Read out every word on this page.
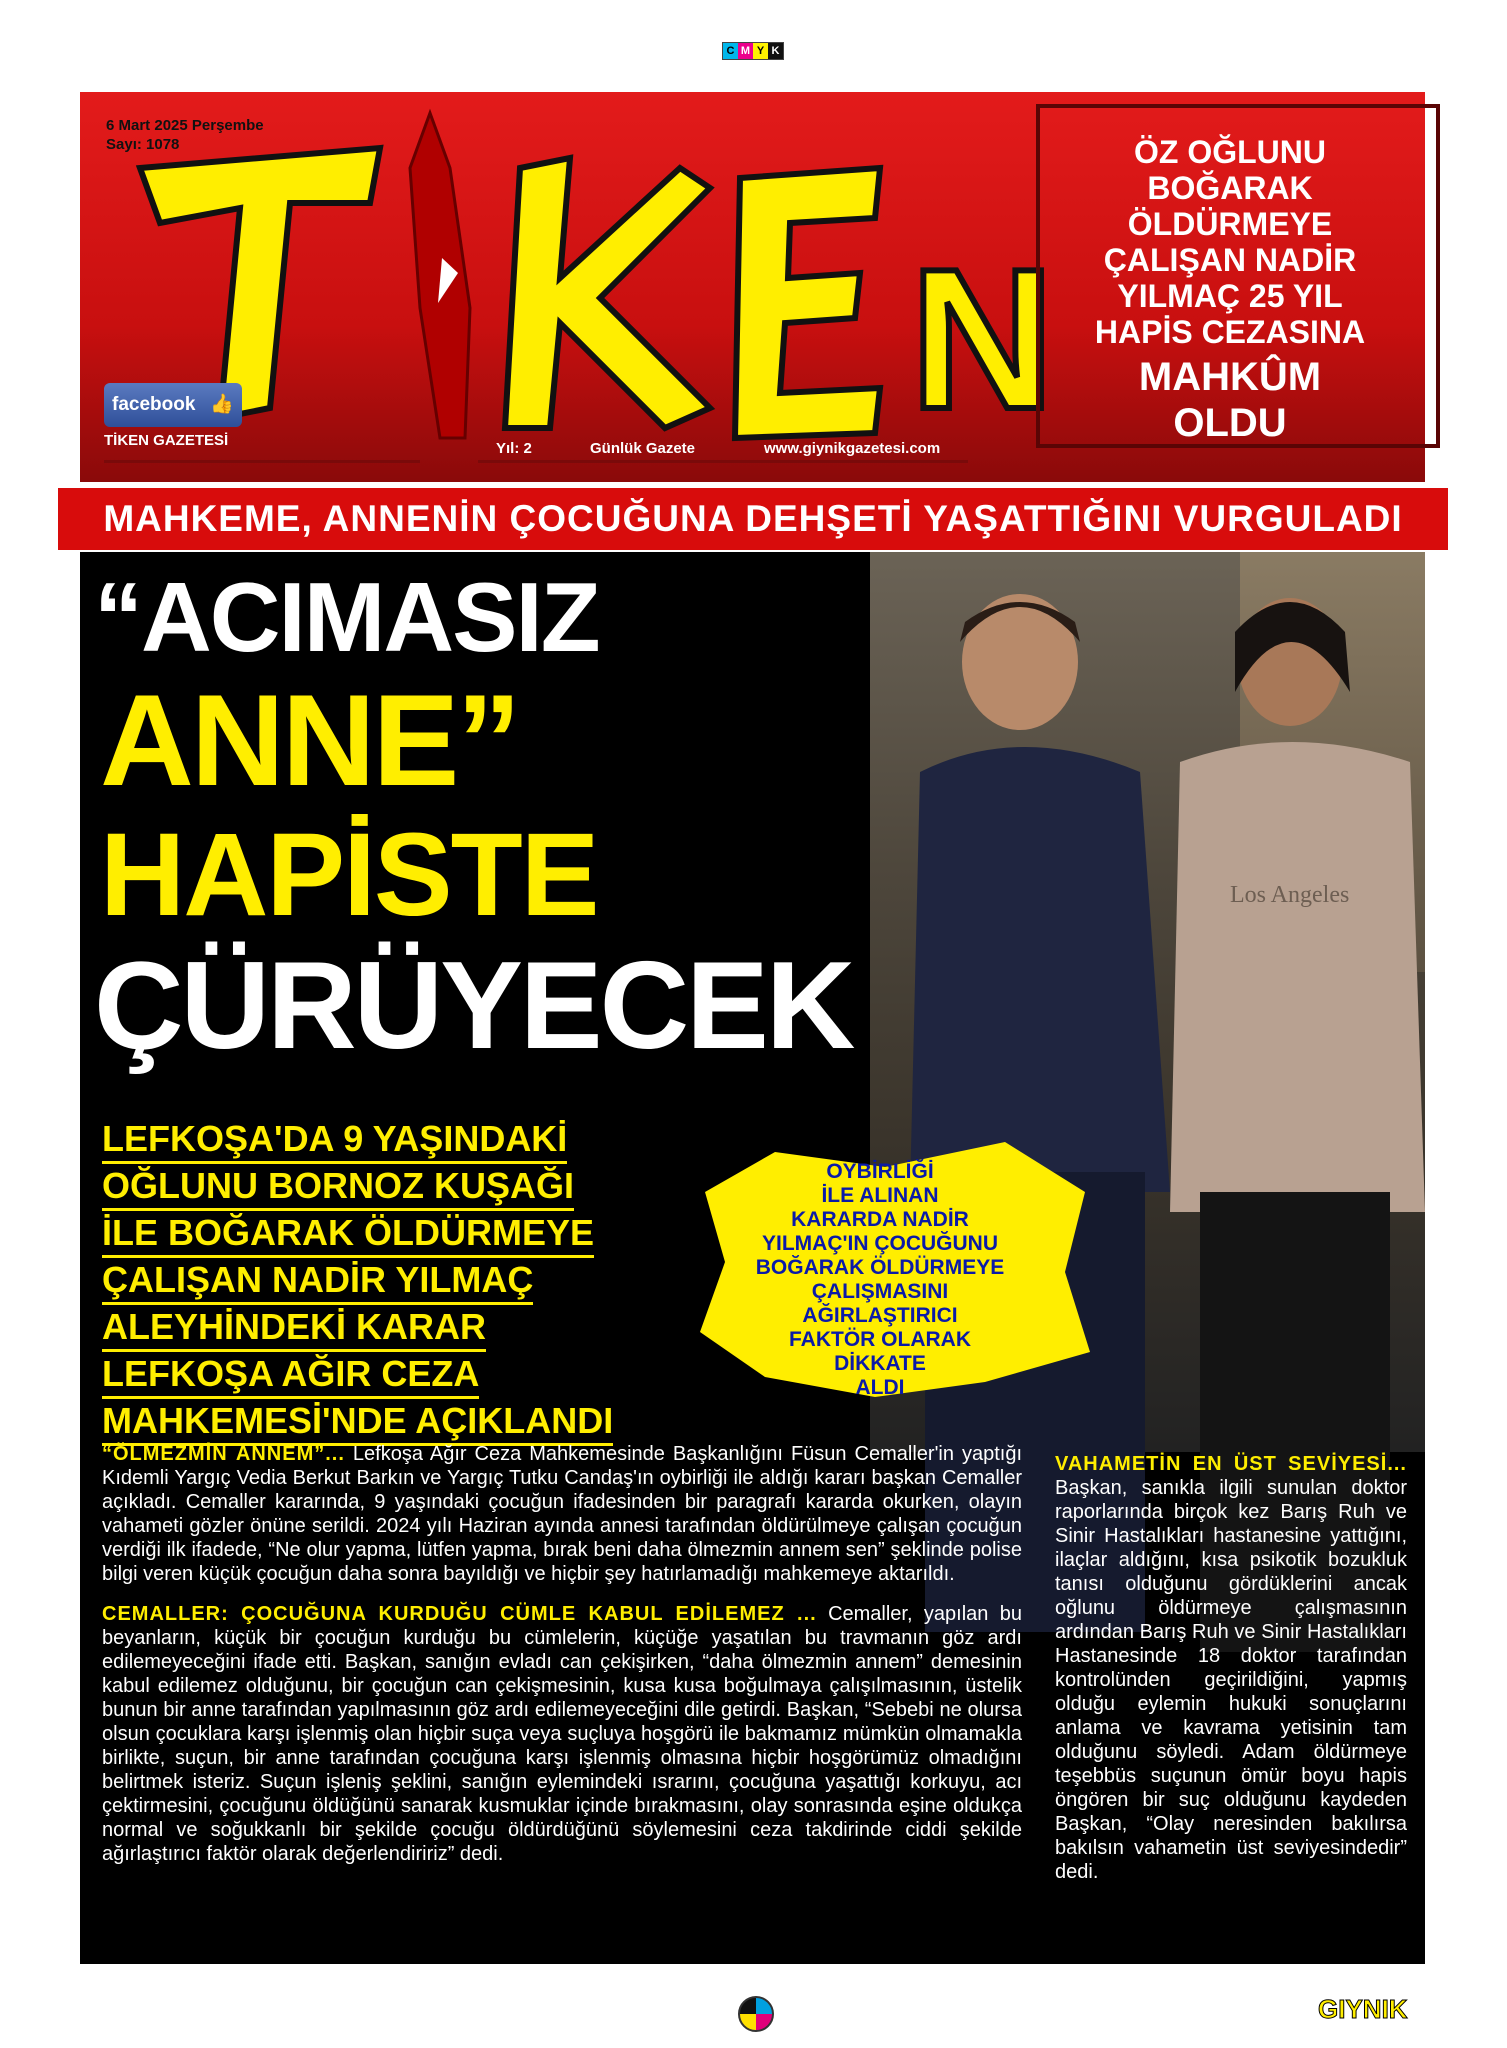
C M Y K
N
6 Mart 2025 Perşembe
Sayı: 1078
facebook 👍
TİKEN GAZETESİ	Yıl: 2	Günlük Gazete	www.giynikgazetesi.com
ÖZ OĞLUNU
BOĞARAK
ÖLDÜRMEYE
ÇALIŞAN NADİR
YILMAÇ 25 YIL
HAPİS CEZASINA
MAHKÛM
OLDU
MAHKEME, ANNENİN ÇOCUĞUNA DEHŞETİ YAŞATTIĞINI VURGULADI
Los Angeles
“ACIMASIZ
ANNE”
HAPİSTE
ÇÜRÜYECEK
LEFKOŞA'DA 9 YAŞINDAKİ
OĞLUNU BORNOZ KUŞAĞI
İLE BOĞARAK ÖLDÜRMEYE
ÇALIŞAN NADİR YILMAÇ
ALEYHİNDEKİ KARAR
LEFKOŞA AĞIR CEZA
MAHKEMESİ'NDE AÇIKLANDI
OYBİRLİĞİ
İLE ALINAN
KARARDA NADİR
YILMAÇ'IN ÇOCUĞUNU
BOĞARAK ÖLDÜRMEYE
ÇALIŞMASINI
AĞIRLAŞTIRICI
FAKTÖR OLARAK
DİKKATE
ALDI

“ÖLMEZMİN ANNEM”... Lefkoşa Ağır Ceza Mahkemesinde Başkanlığını Füsun Cemaller'in yaptığı Kıdemli Yargıç Vedia Berkut Barkın ve Yargıç Tutku Candaş'ın oybirliği ile aldığı kararı başkan Cemaller açıkladı. Cemaller kararında, 9 yaşındaki çocuğun ifadesinden bir paragrafı kararda okurken, olayın vahameti gözler önüne serildi. 2024 yılı Haziran ayında annesi tarafından öldürülmeye çalışan çocuğun verdiği ilk ifadede, “Ne olur yapma, lütfen yapma, bırak beni daha ölmezmin annem sen” şeklinde polise bilgi veren küçük çocuğun daha sonra bayıldığı ve hiçbir şey hatırlamadığı mahkemeye aktarıldı.

CEMALLER: ÇOCUĞUNA KURDUĞU CÜMLE KABUL EDİLEMEZ ... Cemaller, yapılan bu beyanların, küçük bir çocuğun kurduğu bu cümlelerin, küçüğe yaşatılan bu travmanın göz ardı edilemeyeceğini ifade etti. Başkan, sanığın evladı can çekişirken, “daha ölmezmin annem” demesinin kabul edilemez olduğunu, bir çocuğun can çekişmesinin, kusa kusa boğulmaya çalışılmasının, üstelik bunun bir anne tarafından yapılmasının göz ardı edilemeyeceğini dile getirdi. Başkan, “Sebebi ne olursa olsun çocuklara karşı işlenmiş olan hiçbir suça veya suçluya hoşgörü ile bakmamız mümkün olmamakla birlikte, suçun, bir anne tarafından çocuğuna karşı işlenmiş olmasına hiçbir hoşgörümüz olmadığını belirtmek isteriz. Suçun işleniş şeklini, sanığın eylemindeki ısrarını, çocuğuna yaşattığı korkuyu, acı çektirmesini, çocuğunu öldüğünü sanarak kusmuklar içinde bırakmasını, olay sonrasında eşine oldukça normal ve soğukkanlı bir şekilde çocuğu öldürdüğünü söylemesini ceza takdirinde ciddi şekilde ağırlaştırıcı faktör olarak değerlendiririz” dedi.

VAHAMETİN EN ÜST SEVİYESİ... Başkan, sanıkla ilgili sunulan doktor raporlarında birçok kez Barış Ruh ve Sinir Hastalıkları hastanesine yattığını, ilaçlar aldığını, kısa psikotik bozukluk tanısı olduğunu gördüklerini ancak oğlunu öldürmeye çalışmasının ardından Barış Ruh ve Sinir Hastalıkları Hastanesinde 18 doktor tarafından kontrolünden geçirildiğini, yapmış olduğu eylemin hukuki sonuçlarını anlama ve kavrama yetisinin tam olduğunu söyledi. Adam öldürmeye teşebbüs suçunun ömür boyu hapis öngören bir suç olduğunu kaydeden Başkan, “Olay neresinden bakılırsa bakılsın vahametin üst seviyesindedir” dedi.

GIYNIK
